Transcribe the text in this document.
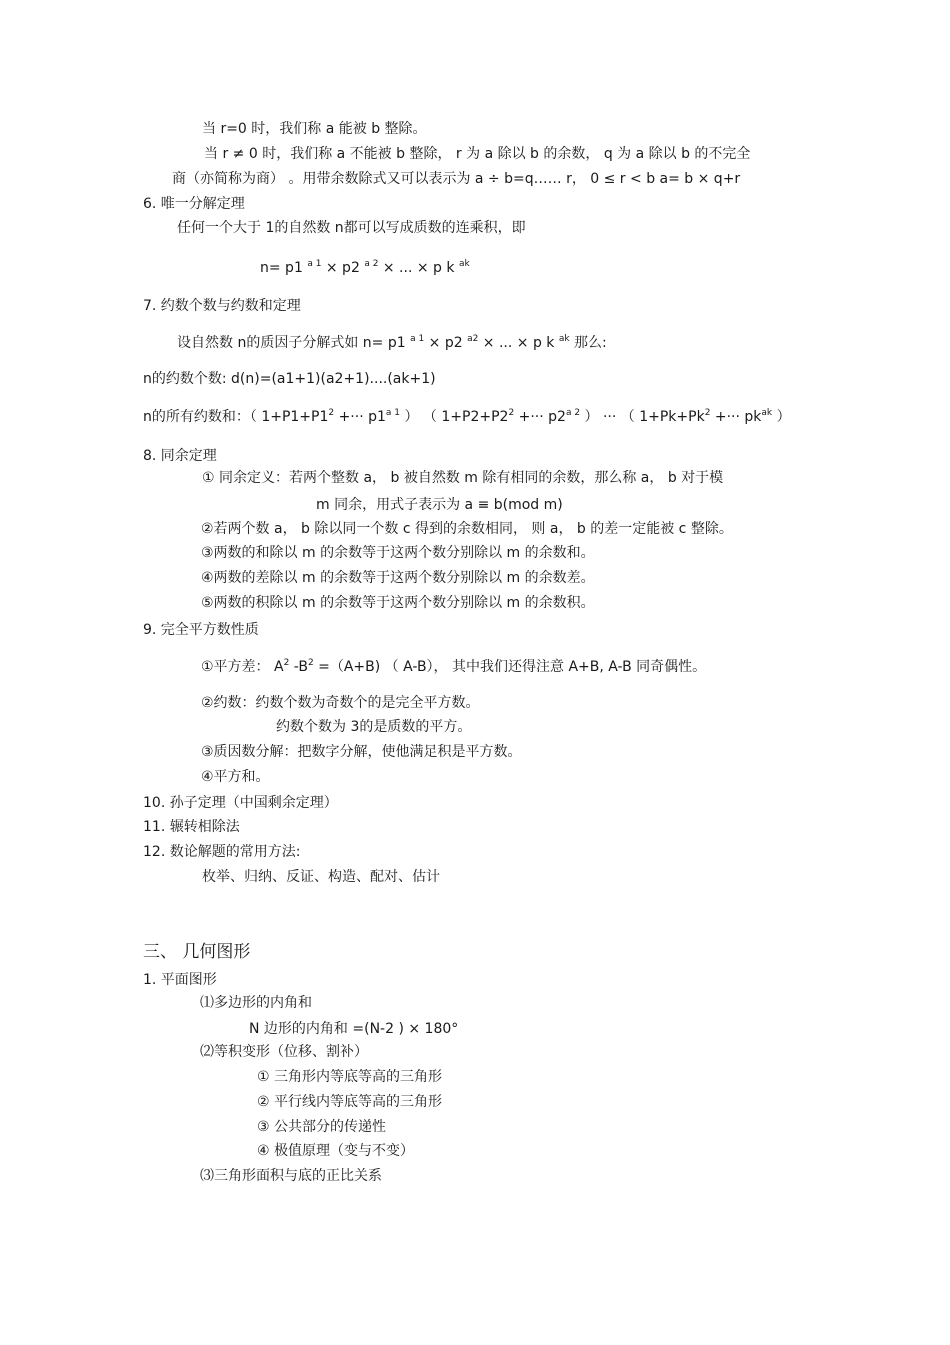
当 r=0 时，我们称 a 能被 b 整除。
当 r ≠ 0 时，我们称 a 不能被 b 整除， r 为 a 除以 b 的余数， q 为 a 除以 b 的不完全
商（亦简称为商） 。用带余数除式又可以表示为 a ÷ b=q…… r， 0 ≤ r < b a= b × q+r
6. 唯一分解定理
任何一个大于 1的自然数 n都可以写成质数的连乘积，即
n= p1 $^{a 1}$ × p2 $^{a 2}$ × ... × p k $^{ak}$
7. 约数个数与约数和定理
设自然数 n的质因子分解式如 n= p1 $^{a 1}$ × p2 $^{a2}$ × ... × p k $^{ak}$ 那么:
n的约数个数: d(n)=(a1+1)(a2+1)....(ak+1)
n的所有约数和：（ $1+P1+P1^2$ +··· $p1^{a 1}$ ） （ $1+P2+P2^2$ +··· $p2^{a 2}$ ） ··· （ $1+Pk+Pk^2$ +··· $pk^{ak}$ ）
8. 同余定理
① 同余定义：若两个整数 a， b 被自然数 m 除有相同的余数，那么称 a， b 对于模
m 同余，用式子表示为 a ≡ b(mod m)
②若两个数 a， b 除以同一个数 c 得到的余数相同， 则 a， b 的差一定能被 c 整除。
③两数的和除以 m 的余数等于这两个数分别除以 m 的余数和。
④两数的差除以 m 的余数等于这两个数分别除以 m 的余数差。
⑤两数的积除以 m 的余数等于这两个数分别除以 m 的余数积。
9. 完全平方数性质
①平方差： $A^2$ $-B^2 =(A+B)$ （ A-B）， 其中我们还得注意 A+B, A-B 同奇偶性。
②约数：约数个数为奇数个的是完全平方数。
约数个数为 3的是质数的平方。
③质因数分解：把数字分解，使他满足积是平方数。
④平方和。
10. 孙子定理（中国剩余定理）
11. 辗转相除法
12. 数论解题的常用方法:
枚举、归纳、反证、构造、配对、估计
三、 几何图形
1. 平面图形
⑴多边形的内角和
N 边形的内角和 =(N-2 ) × 180°
⑵等积变形（位移、割补）
① 三角形内等底等高的三角形
② 平行线内等底等高的三角形
③ 公共部分的传递性
④ 极值原理（变与不变）
⑶三角形面积与底的正比关系
